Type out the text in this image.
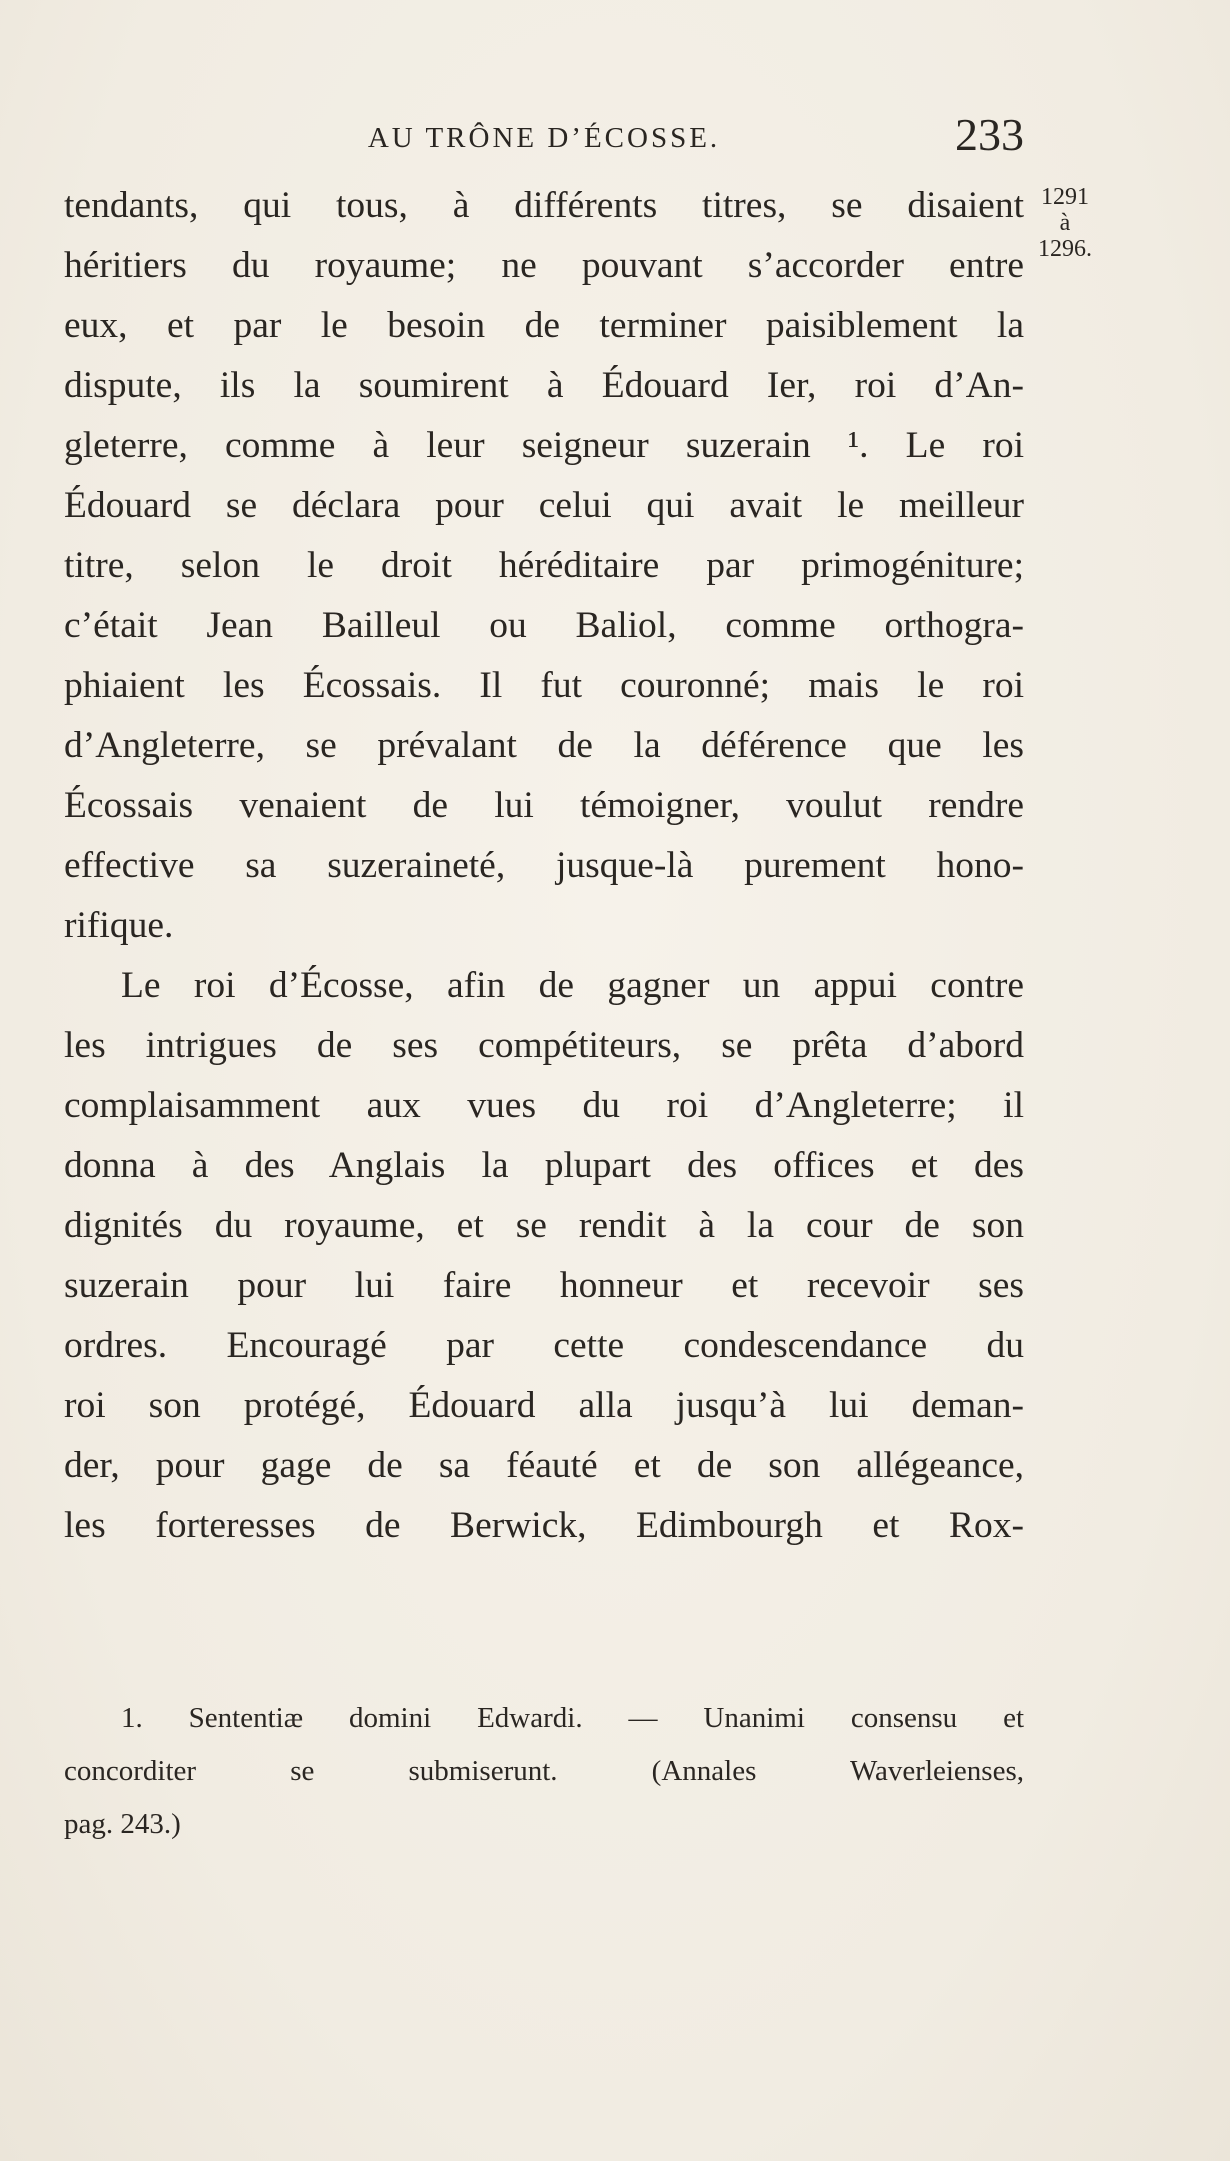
AU TRÔNE D’ÉCOSSE.	233
1291
à
1296.
tendants, qui tous, à différents titres, se disaient
héritiers du royaume; ne pouvant s’accorder entre
eux, et par le besoin de terminer paisiblement la
dispute, ils la soumirent à Édouard Ier, roi d’An-
gleterre, comme à leur seigneur suzerain ¹. Le roi
Édouard se déclara pour celui qui avait le meilleur
titre, selon le droit héréditaire par primogéniture;
c’était Jean Bailleul ou Baliol, comme orthogra-
phiaient les Écossais. Il fut couronné; mais le roi
d’Angleterre, se prévalant de la déférence que les
Écossais venaient de lui témoigner, voulut rendre
effective sa suzeraineté, jusque-là purement hono-
rifique.
Le roi d’Écosse, afin de gagner un appui contre
les intrigues de ses compétiteurs, se prêta d’abord
complaisamment aux vues du roi d’Angleterre; il
donna à des Anglais la plupart des offices et des
dignités du royaume, et se rendit à la cour de son
suzerain pour lui faire honneur et recevoir ses
ordres. Encouragé par cette condescendance du
roi son protégé, Édouard alla jusqu’à lui deman-
der, pour gage de sa féauté et de son allégeance,
les forteresses de Berwick, Edimbourgh et Rox-
1. Sententiæ domini Edwardi. — Unanimi consensu et
concorditer se submiserunt. (Annales Waverleienses,
pag. 243.)
